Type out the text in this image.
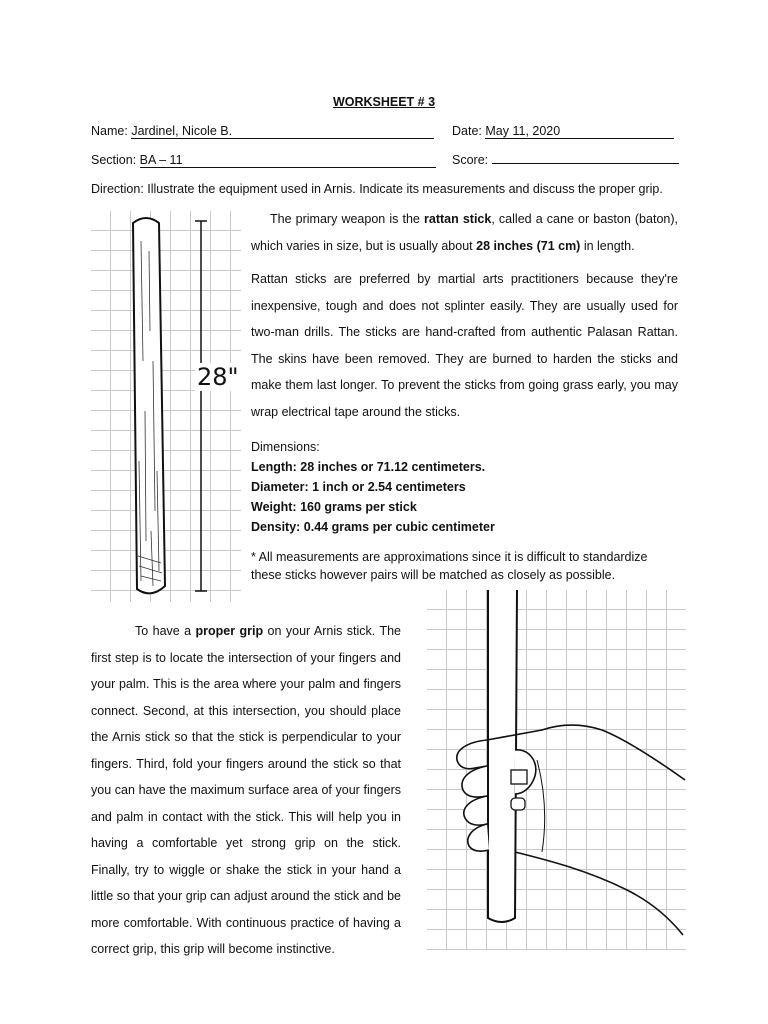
WORKSHEET # 3
Name: Jardinel, Nicole B.	Date: May 11, 2020
Section: BA – 11	Score:
Direction: Illustrate the equipment used in Arnis. Indicate its measurements and discuss the proper grip.
28"
The primary weapon is the rattan stick, called a cane or baston (baton), which varies in size, but is usually about 28 inches (71 cm) in length.
Rattan sticks are preferred by martial arts practitioners because they're inexpensive, tough and does not splinter easily. They are usually used for two-man drills. The sticks are hand-crafted from authentic Palasan Rattan. The skins have been removed. They are burned to harden the sticks and make them last longer. To prevent the sticks from going grass early, you may wrap electrical tape around the sticks.
Dimensions:
Length: 28 inches or 71.12 centimeters.
Diameter: 1 inch or 2.54 centimeters
Weight: 160 grams per stick
Density: 0.44 grams per cubic centimeter
* All measurements are approximations since it is difficult to standardize these sticks however pairs will be matched as closely as possible.
To have a proper grip on your Arnis stick. The first step is to locate the intersection of your fingers and your palm. This is the area where your palm and fingers connect. Second, at this intersection, you should place the Arnis stick so that the stick is perpendicular to your fingers. Third, fold your fingers around the stick so that you can have the maximum surface area of your fingers and palm in contact with the stick. This will help you in having a comfortable yet strong grip on the stick. Finally, try to wiggle or shake the stick in your hand a little so that your grip can adjust around the stick and be more comfortable. With continuous practice of having a correct grip, this grip will become instinctive.
